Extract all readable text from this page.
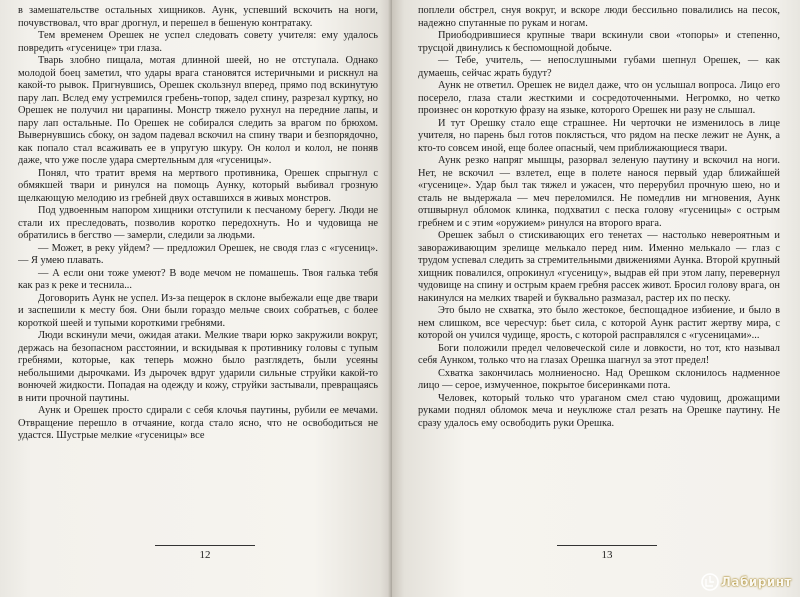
в замешательстве остальных хищников. Аунк, успевший вскочить на ноги, почувствовал, что враг дрогнул, и перешел в бешеную контратаку.

Тем временем Орешек не успел следовать совету учителя: ему удалось повредить «гусенице» три глаза.

Тварь злобно пищала, мотая длинной шеей, но не отступала. Однако молодой боец заметил, что удары врага становятся истеричными и рискнул на какой-то рывок. Пригнувшись, Орешек скользнул вперед, прямо под вскинутую пару лап. Вслед ему устремился гребень-топор, задел спину, разрезал куртку, но Орешек не получил ни царапины. Монстр тяжело рухнул на передние лапы, и пару лап остальные. По Орешек не собирался следить за врагом по брюхом. Вывернувшись сбоку, он задом падевал вскочил на спину твари и безпорядочно, как попало стал всаживать ее в упругую шкуру. Он колол и колол, не поняв даже, что уже после удара смертельным для «гусеницы».

Понял, что тратит время на мертвого противника, Орешек спрыгнул с обмякшей твари и ринулся на помощь Аунку, который выбивал грозную щелкающую мелодию из гребней двух оставшихся в живых монстров.

Под удвоенным напором хищники отступили к песчаному берегу. Люди не стали их преследовать, позволив коротко передохнуть. Но и чудовища не обратились в бегство — замерли, следили за людьми.

— Может, в реку уйдем? — предложил Орешек, не сводя глаз с «гусениц». — Я умею плавать.

— А если они тоже умеют? В воде мечом не помашешь. Твоя галька тебя как раз к реке и теснила...

Договорить Аунк не успел. Из-за пещерок в склоне выбежали еще две твари и заспешили к месту боя. Они были гораздо мельче своих собратьев, с более короткой шеей и тупыми короткими гребнями.

Люди вскинули мечи, ожидая атаки. Мелкие твари юрко закружили вокруг, держась на безопасном расстоянии, и вскидывая к противнику головы с тупым гребнями, которые, как теперь можно было разглядеть, были усеяны небольшими дырочками. Из дырочек вдруг ударили сильные струйки какой-то вонючей жидкости. Попадая на одежду и кожу, струйки застывали, превращаясь в нити прочной паутины.

Аунк и Орешек просто сдирали с себя клочья паутины, рубили ее мечами. Отвращение перешло в отчаяние, когда стало ясно, что не освободиться не удастся. Шустрые мелкие «гусеницы» все

12

поплели обстрел, снуя вокруг, и вскоре люди бессильно повалились на песок, надежно спутанные по рукам и ногам.

Приободрившиеся крупные твари вскинули свои «топоры» и степенно, трусцой двинулись к беспомощной добыче.

— Тебе, учитель, — непослушными губами шепнул Орешек, — как думаешь, сейчас жрать будут?

Аунк не ответил. Орешек не видел даже, что он услышал вопроса. Лицо его посерело, глаза стали жесткими и сосредоточенными. Негромко, но четко произнес он короткую фразу на языке, которого Орешек ни разу не слышал.

И тут Орешку стало еще страшнее. Ни черточки не изменилось в лице учителя, но парень был готов поклясться, что рядом на песке лежит не Аунк, а кто-то совсем иной, еще более опасный, чем приближающиеся твари.

Аунк резко напряг мышцы, разорвал зеленую паутину и вскочил на ноги. Нет, не вскочил — взлетел, еще в полете нанося первый удар ближайшей «гусенице». Удар был так тяжел и ужасен, что перерубил прочную шею, но и сталь не выдержала — меч переломился. Не помедлив ни мгновения, Аунк отшвырнул обломок клинка, подхватил с песка голову «гусеницы» с острым гребнем и с этим «оружием» ринулся на второго врага.

Орешек забыл о стискивающих его тенетах — настолько невероятным и завораживающим зрелище мелькало перед ним. Именно мелькало — глаз с трудом успевал следить за стремительными движениями Аунка. Второй крупный хищник повалился, опрокинул «гусеницу», выдрав ей при этом лапу, перевернул чудовище на спину и острым краем гребня рассек живот. Бросил голову врага, он накинулся на мелких тварей и буквально размазал, растер их по песку.

Это было не схватка, это было жестокое, беспощадное избиение, и было в нем слишком, все чересчур: бьет сила, с которой Аунк растит жертву мира, с которой он учился чудище, ярость, с которой расправлялся с «гусеницами»...

Боги положили предел человеческой силе и ловкости, но тот, кто называл себя Аунком, только что на глазах Орешка шагнул за этот предел!

Схватка закончилась молниеносно. Над Орешком склонилось надменное лицо — серое, измученное, покрытое бисеринками пота.

Человек, который только что ураганом смел стаю чудовищ, дрожащими руками поднял обломок меча и неуклюже стал резать на Орешке паутину. Не сразу удалось ему освободить руки Орешка.

13
Лабиринт
